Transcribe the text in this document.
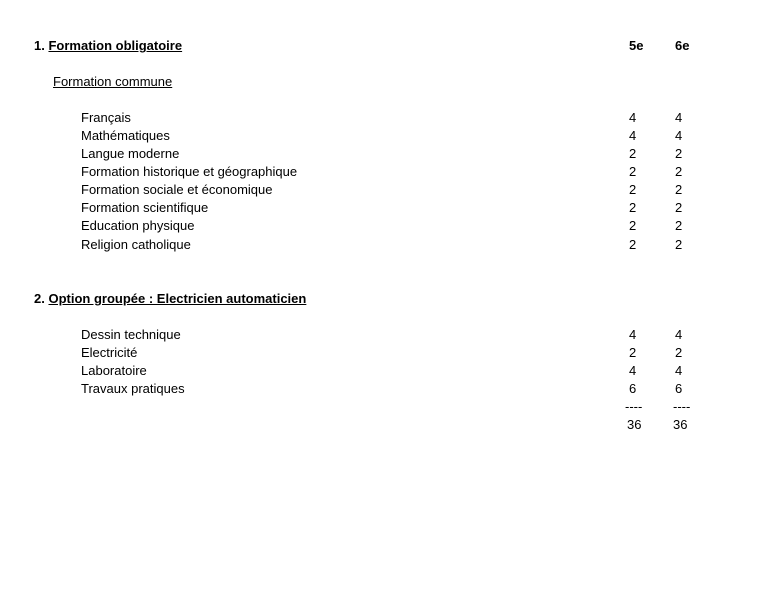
1. Formation obligatoire	5e 6e
Formation commune
Français	4	4
Mathématiques	4	4
Langue moderne	2	2
Formation historique et géographique	2	2
Formation sociale et économique	2	2
Formation scientifique	2	2
Education physique	2	2
Religion catholique	2	2
2. Option groupée : Electricien automaticien
Dessin technique	4	4
Electricité	2	2
Laboratoire	4	4
Travaux pratiques	6	6
---- ----
36 36
